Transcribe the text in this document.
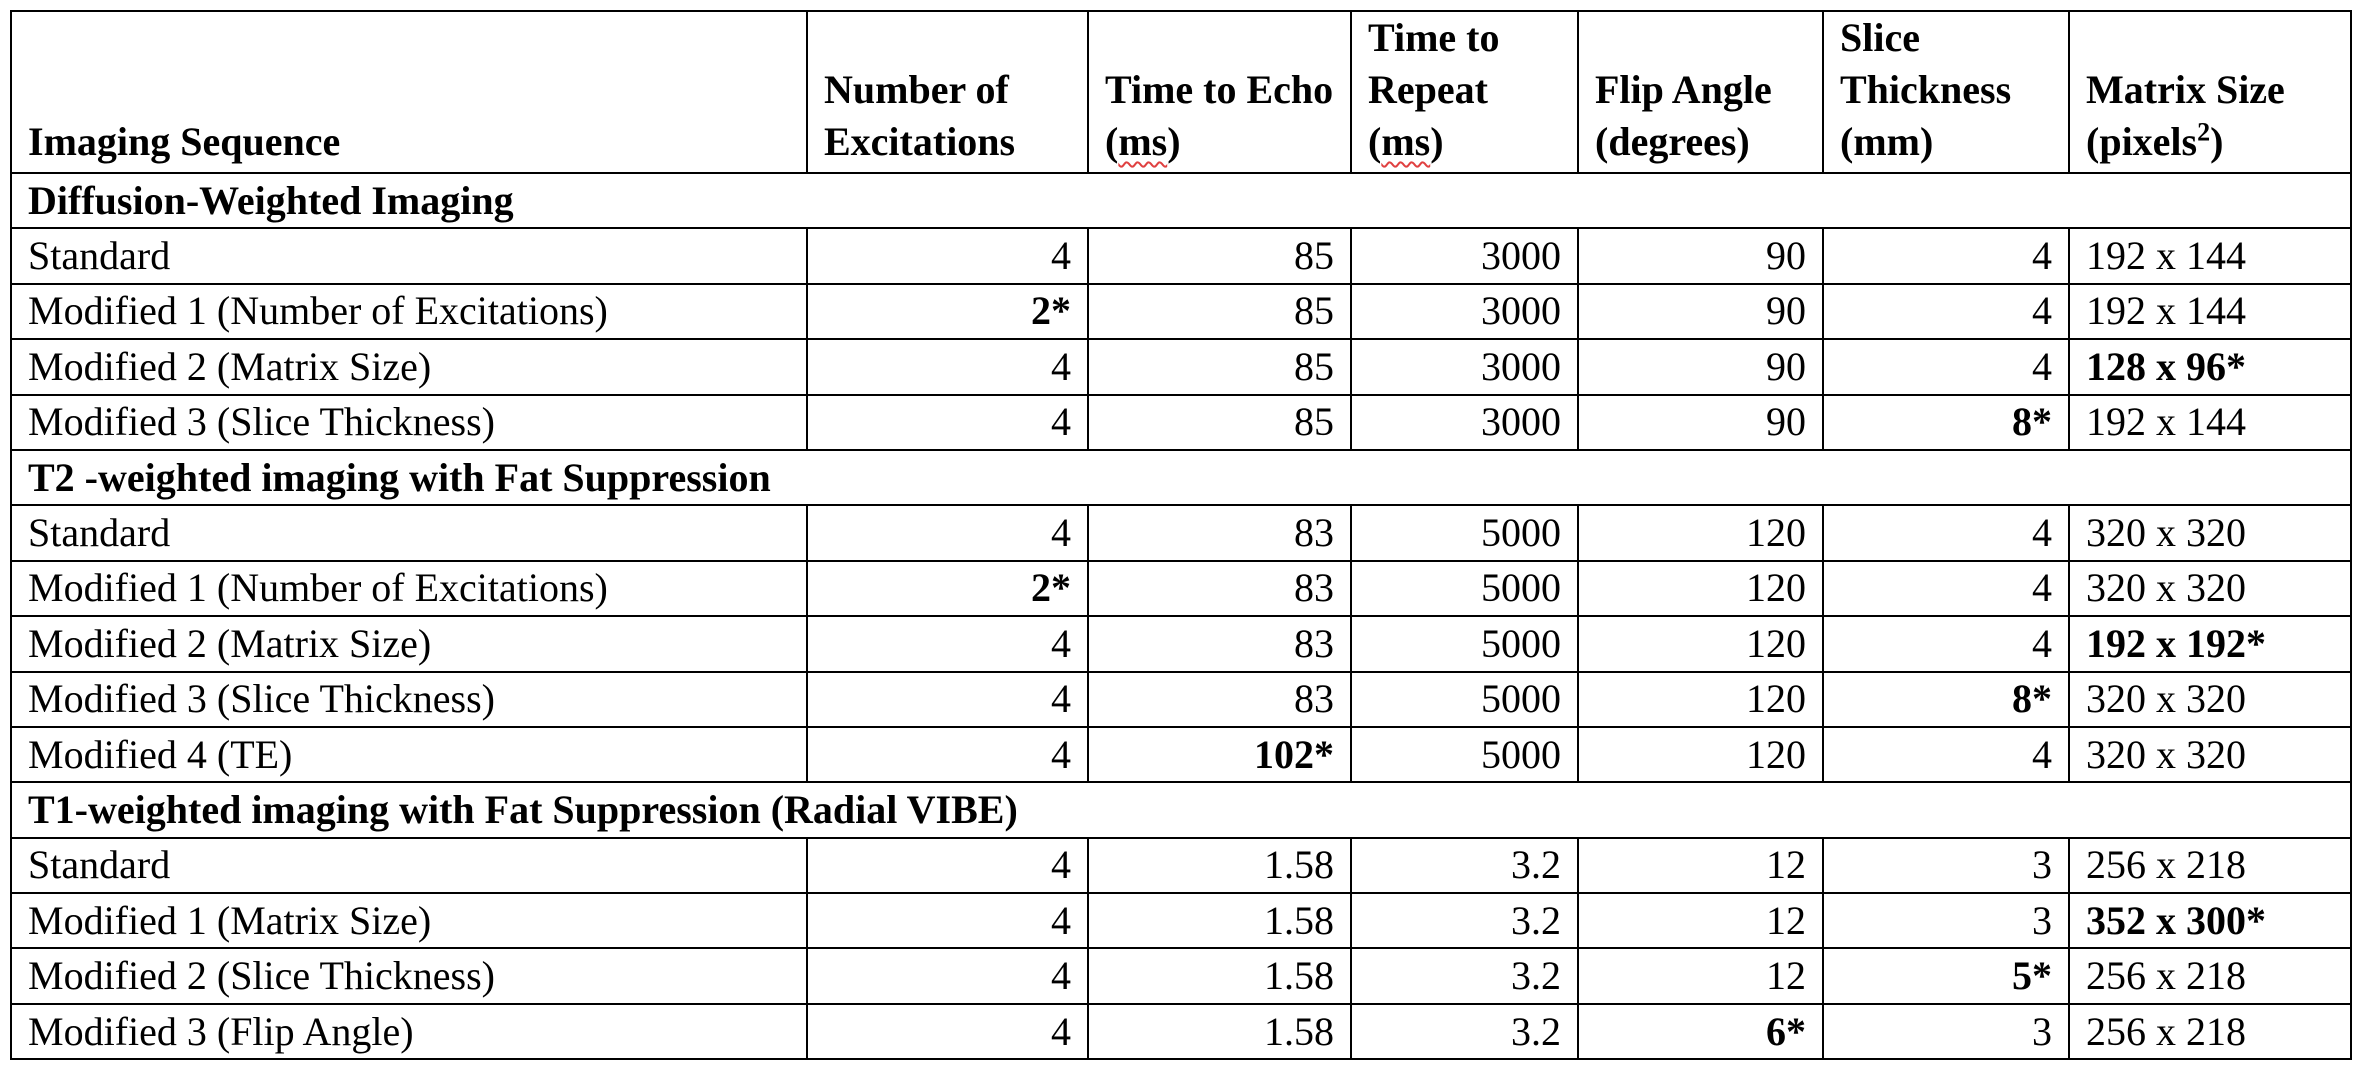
Imaging Sequence	Number of Excitations	Time to Echo (ms)	Time to Repeat (ms)	Flip Angle (degrees)	Slice Thickness (mm)	Matrix Size (pixels$^2$)
Diffusion-Weighted Imaging						
Standard	4	85	3000	90	4	192 x 144
Modified 1 (Number of Excitations)	2*	85	3000	90	4	192 x 144
Modified 2 (Matrix Size)	4	85	3000	90	4	128 x 96*
Modified 3 (Slice Thickness)	4	85	3000	90	8*	192 x 144
T2 -weighted imaging with Fat Suppression						
Standard	4	83	5000	120	4	320 x 320
Modified 1 (Number of Excitations)	2*	83	5000	120	4	320 x 320
Modified 2 (Matrix Size)	4	83	5000	120	4	192 x 192*
Modified 3 (Slice Thickness)	4	83	5000	120	8*	320 x 320
Modified 4 (TE)	4	102*	5000	120	4	320 x 320
T1-weighted imaging with Fat Suppression (Radial VIBE)						
Standard	4	1.58	3.2	12	3	256 x 218
Modified 1 (Matrix Size)	4	1.58	3.2	12	3	352 x 300*
Modified 2 (Slice Thickness)	4	1.58	3.2	12	5*	256 x 218
Modified 3 (Flip Angle)	4	1.58	3.2	6*	3	256 x 218
